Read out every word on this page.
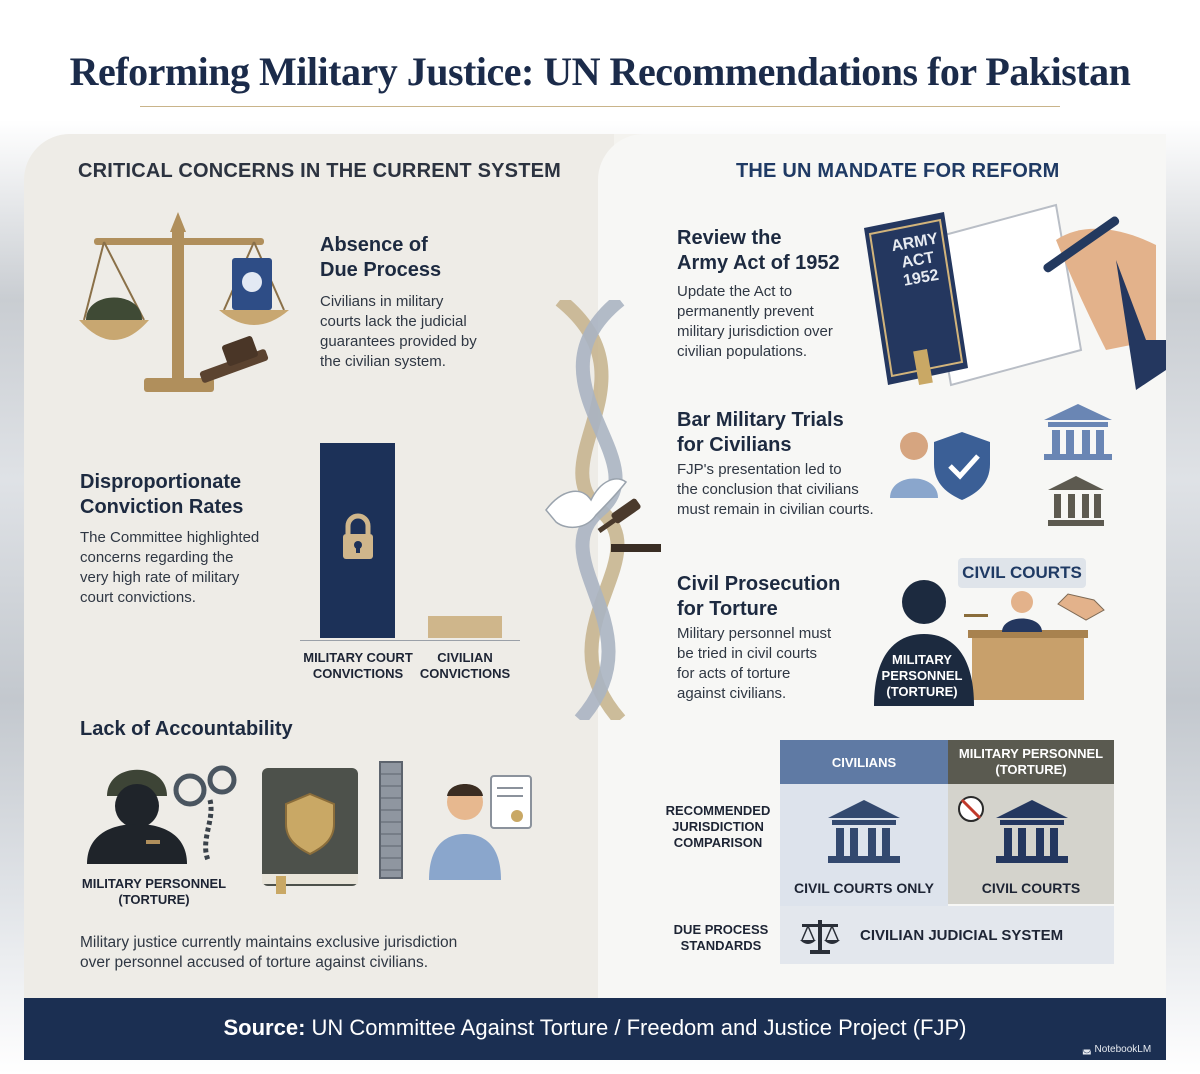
Reforming Military Justice: UN Recommendations for Pakistan
CRITICAL CONCERNS IN THE CURRENT SYSTEM
Absence of
Due Process
Civilians in military
courts lack the judicial
guarantees provided by
the civilian system.
Disproportionate
Conviction Rates
The Committee highlighted
concerns regarding the
very high rate of military
court convictions.
MILITARY COURT
CONVICTIONS
CIVILIAN
CONVICTIONS
Lack of Accountability
MILITARY PERSONNEL
(TORTURE)
Military justice currently maintains exclusive jurisdiction
over personnel accused of torture against civilians.
THE UN MANDATE FOR REFORM
Review the
Army Act of 1952
Update the Act to
permanently prevent
military jurisdiction over
civilian populations.
ARMY
ACT
1952
Bar Military Trials
for Civilians
FJP's presentation led to
the conclusion that civilians
must remain in civilian courts.
Civil Prosecution
for Torture
Military personnel must
be tried in civil courts
for acts of torture
against civilians.
CIVIL COURTS
MILITARY
PERSONNEL
(TORTURE)
CIVILIANS
MILITARY PERSONNEL
(TORTURE)
RECOMMENDED
JURISDICTION
COMPARISON
CIVIL COURTS ONLY	CIVIL COURTS
DUE PROCESS
STANDARDS
CIVILIAN JUDICIAL SYSTEM
Source: UN Committee Against Torture / Freedom and Justice Project (FJP)
◛ NotebookLM
